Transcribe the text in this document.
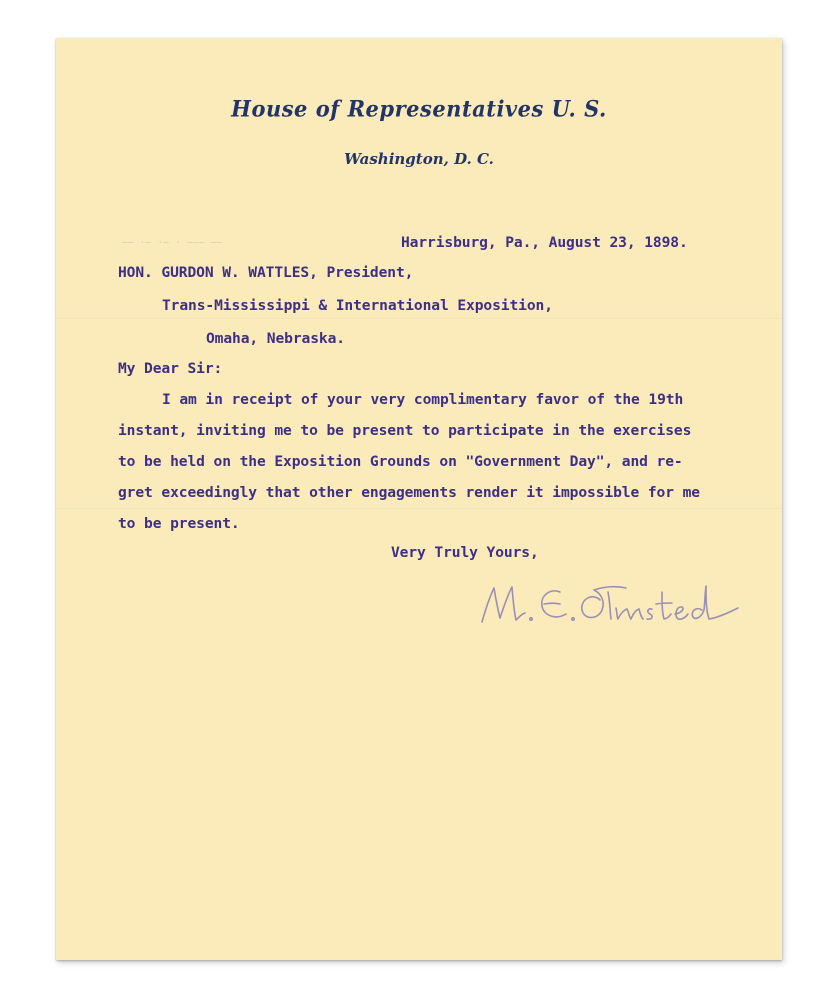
House of Representatives U. S.
Washington, D. C.
—— ·— ·— · ——— ——	Harrisburg, Pa., August 23, 1898.
HON. GURDON W. WATTLES, President,
Trans-Mississippi & International Exposition,
Omaha, Nebraska.
My Dear Sir:
I am in receipt of your very complimentary favor of the 19th
instant, inviting me to be present to participate in the exercises
to be held on the Exposition Grounds on "Government Day", and re-
gret exceedingly that other engagements render it impossible for me
to be present.
Very Truly Yours,
